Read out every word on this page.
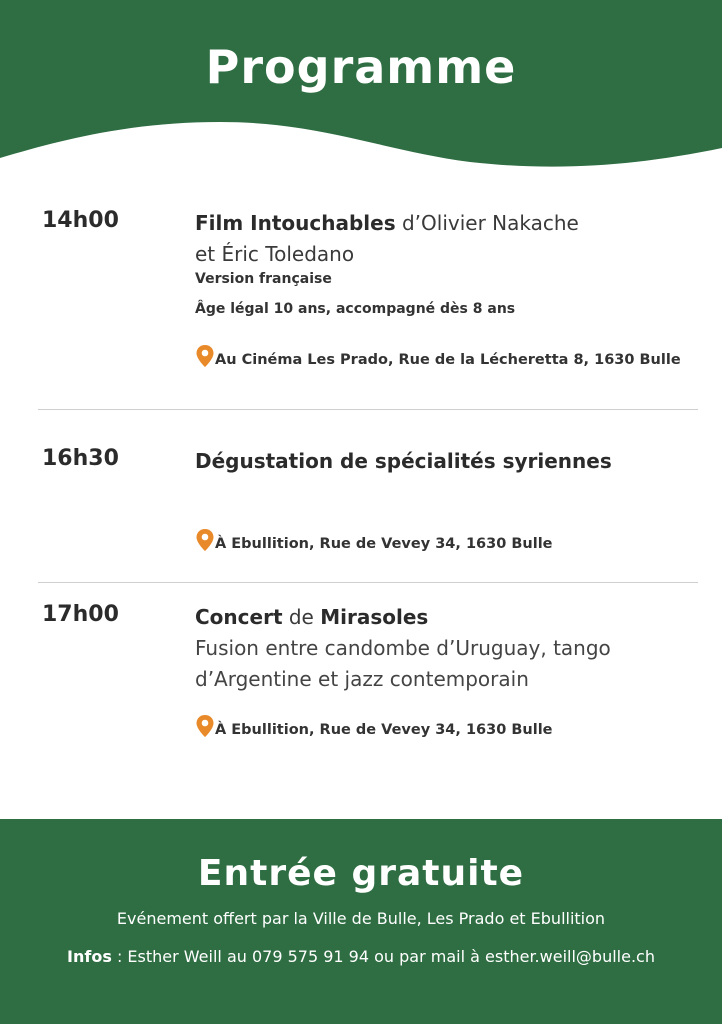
Programme
14h00	Film Intouchables d’Olivier Nakache
et Éric Toledano
Version française
Âge légal 10 ans, accompagné dès 8 ans
Au Cinéma Les Prado, Rue de la Lécheretta 8, 1630 Bulle
16h30	Dégustation de spécialités syriennes
À Ebullition, Rue de Vevey 34, 1630 Bulle
17h00	Concert de Mirasoles
Fusion entre candombe d’Uruguay, tango
d’Argentine et jazz contemporain
À Ebullition, Rue de Vevey 34, 1630 Bulle
Entrée gratuite
Evénement offert par la Ville de Bulle, Les Prado et Ebullition
Infos : Esther Weill au 079 575 91 94 ou par mail à esther.weill@bulle.ch
